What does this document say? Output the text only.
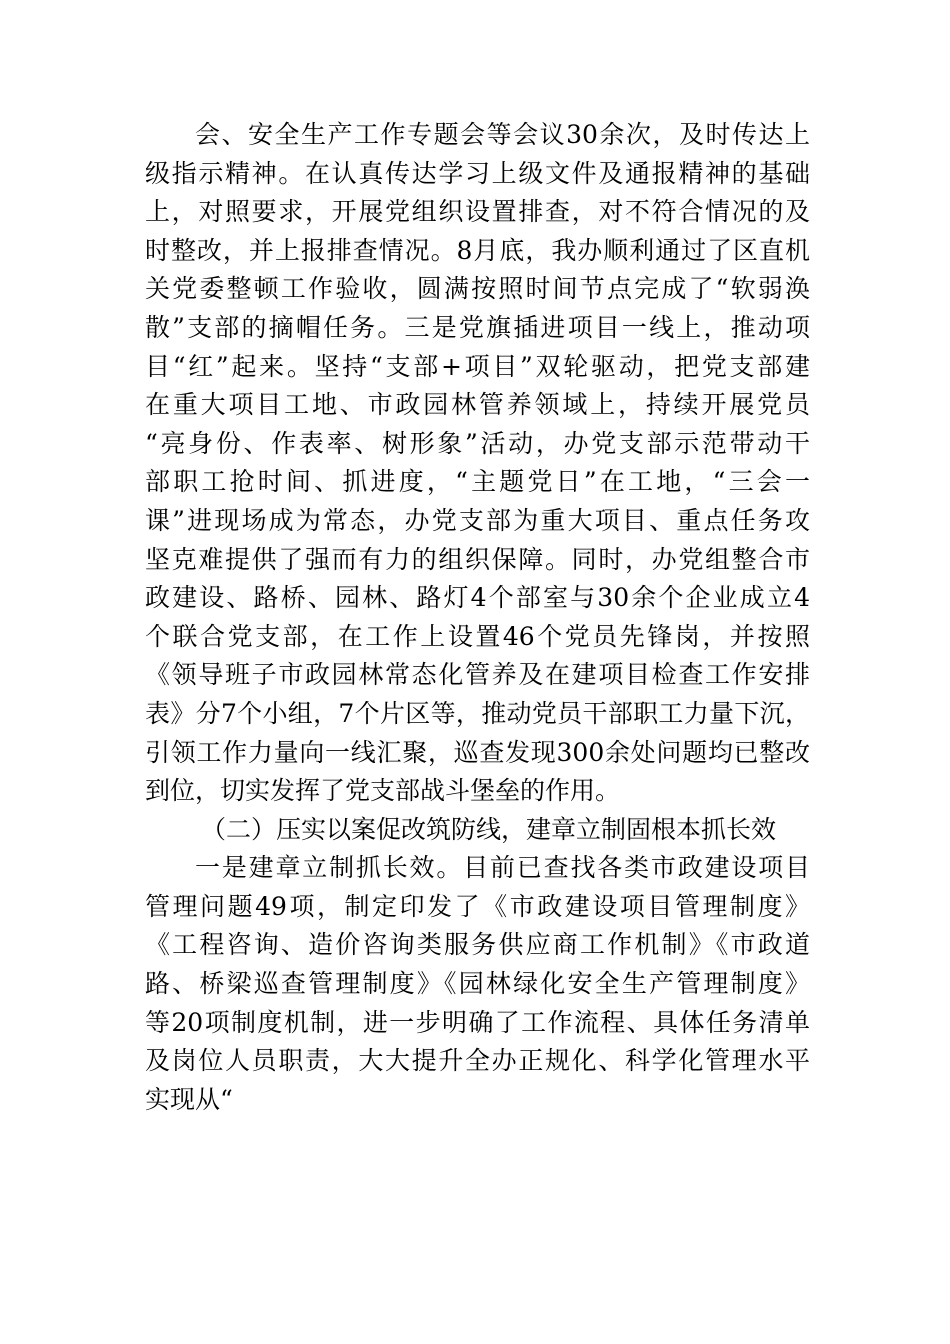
会、安全生产工作专题会等会议30余次，及时传达上
级指示精神。在认真传达学习上级文件及通报精神的基础
上，对照要求，开展党组织设置排查，对不符合情况的及
时整改，并上报排查情况。8月底，我办顺利通过了区直机
关党委整顿工作验收，圆满按照时间节点完成了“软弱涣
散”支部的摘帽任务。三是党旗插进项目一线上，推动项
目“红”起来。坚持“支部+项目”双轮驱动，把党支部建
在重大项目工地、市政园林管养领域上，持续开展党员
“亮身份、作表率、树形象”活动，办党支部示范带动干
部职工抢时间、抓进度，“主题党日”在工地，“三会一
课”进现场成为常态，办党支部为重大项目、重点任务攻
坚克难提供了强而有力的组织保障。同时，办党组整合市
政建设、路桥、园林、路灯4个部室与30余个企业成立4
个联合党支部，在工作上设置46个党员先锋岗，并按照
《领导班子市政园林常态化管养及在建项目检查工作安排
表》分7个小组，7个片区等，推动党员干部职工力量下沉，
引领工作力量向一线汇聚，巡查发现300余处问题均已整改
到位，切实发挥了党支部战斗堡垒的作用。
（二）压实以案促改筑防线，建章立制固根本抓长效
一是建章立制抓长效。目前已查找各类市政建设项目
管理问题49项，制定印发了《市政建设项目管理制度》
《工程咨询、造价咨询类服务供应商工作机制》《市政道
路、桥梁巡查管理制度》《园林绿化安全生产管理制度》
等20项制度机制，进一步明确了工作流程、具体任务清单
及岗位人员职责，大大提升全办正规化、科学化管理水平
实现从“
